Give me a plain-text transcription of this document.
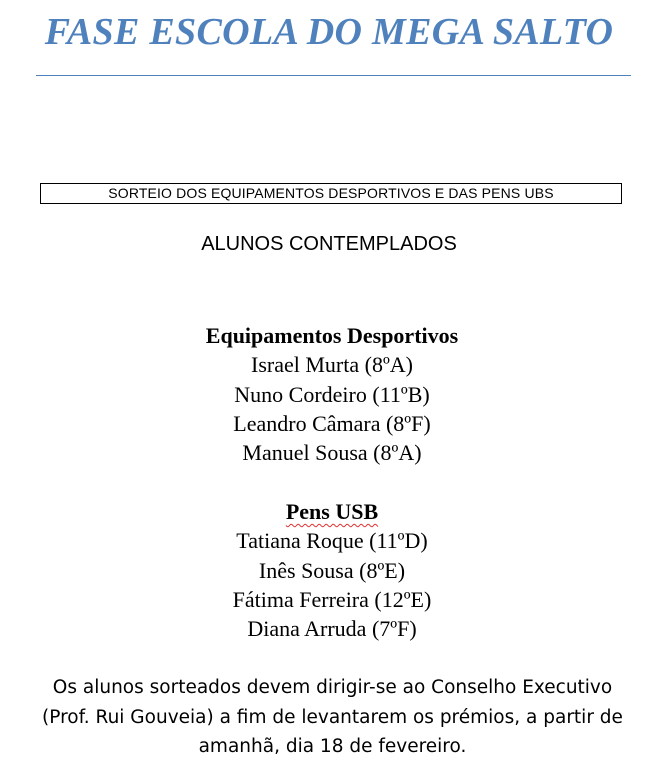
FASE ESCOLA DO MEGA SALTO
SORTEIO DOS EQUIPAMENTOS DESPORTIVOS E DAS PENS UBS
ALUNOS CONTEMPLADOS
Equipamentos Desportivos
Israel Murta (8ºA)
Nuno Cordeiro (11ºB)
Leandro Câmara (8ºF)
Manuel Sousa (8ºA)
Pens USB
Tatiana Roque (11ºD)
Inês Sousa (8ºE)
Fátima Ferreira (12ºE)
Diana Arruda (7ºF)

Os alunos sorteados devem dirigir-se ao Conselho Executivo (Prof. Rui Gouveia) a fim de levantarem os prémios, a partir de amanhã, dia 18 de fevereiro.
